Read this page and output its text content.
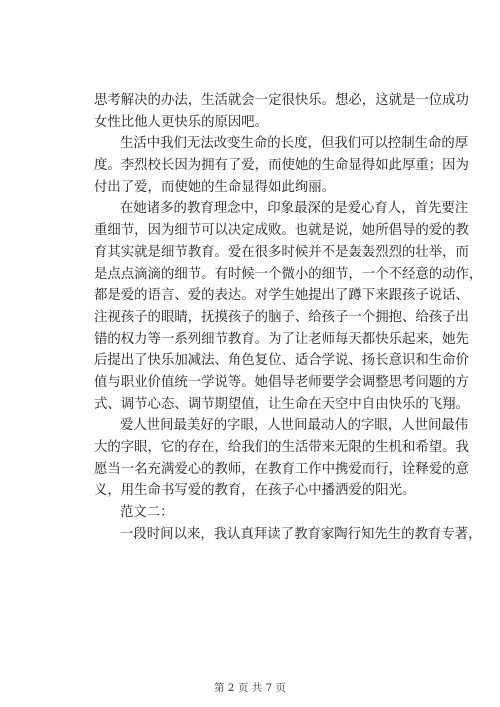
思考解决的办法，生活就会一定很快乐。想必，这就是一位成功
女性比他人更快乐的原因吧。
生活中我们无法改变生命的长度，但我们可以控制生命的厚
度。李烈校长因为拥有了爱，而使她的生命显得如此厚重；因为
付出了爱，而使她的生命显得如此绚丽。
在她诸多的教育理念中，印象最深的是爱心育人，首先要注
重细节，因为细节可以决定成败。也就是说，她所倡导的爱的教
育其实就是细节教育。爱在很多时候并不是轰轰烈烈的壮举，而
是点点滴滴的细节。有时候一个微小的细节，一个不经意的动作，
都是爱的语言、爱的表达。对学生她提出了蹲下来跟孩子说话、
注视孩子的眼睛，抚摸孩子的脑子、给孩子一个拥抱、给孩子出
错的权力等一系列细节教育。为了让老师每天都快乐起来，她先
后提出了快乐加减法、角色复位、适合学说、扬长意识和生命价
值与职业价值统一学说等。她倡导老师要学会调整思考问题的方
式、调节心态、调节期望值，让生命在天空中自由快乐的飞翔。
爱人世间最美好的字眼，人世间最动人的字眼，人世间最伟
大的字眼，它的存在，给我们的生活带来无限的生机和希望。我
愿当一名充满爱心的教师，在教育工作中携爱而行，诠释爱的意
义，用生命书写爱的教育，在孩子心中播洒爱的阳光。
范文二：
一段时间以来，我认真拜读了教育家陶行知先生的教育专著，
第 2 页 共 7 页
